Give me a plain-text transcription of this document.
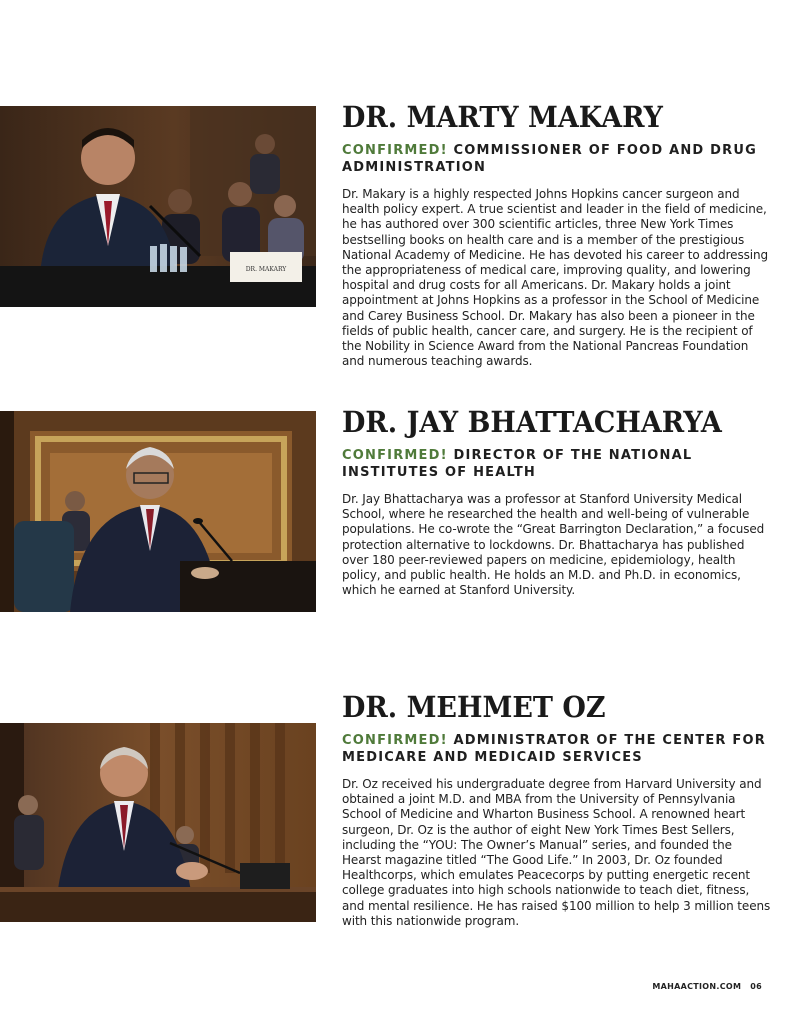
DR. MAKARY
DR. MARTY MAKARY

CONFIRMED! COMMISSIONER OF FOOD AND DRUG ADMINISTRATION

Dr. Makary is a highly respected Johns Hopkins cancer surgeon and health policy expert. A true scientist and leader in the field of medicine, he has authored over 300 scientific articles, three New York Times bestselling books on health care and is a member of the prestigious National Academy of Medicine. He has devoted his career to addressing the appropriateness of medical care, improving quality, and lowering hospital and drug costs for all Americans. Dr. Makary holds a joint appointment at Johns Hopkins as a professor in the School of Medicine and Carey Business School. Dr. Makary has also been a pioneer in the fields of public health, cancer care, and surgery. He is the recipient of the Nobility in Science Award from the National Pancreas Foundation and numerous teaching awards.

DR. JAY BHATTACHARYA

CONFIRMED! DIRECTOR OF THE NATIONAL INSTITUTES OF HEALTH

Dr. Jay Bhattacharya was a professor at Stanford University Medical School, where he researched the health and well-being of vulnerable populations. He co-wrote the “Great Barrington Declaration,” a focused protection alternative to lockdowns. Dr. Bhattacharya has published over 180 peer-reviewed papers on medicine, epidemiology, health policy, and public health. He holds an M.D. and Ph.D. in economics, which he earned at Stanford University.

DR. MEHMET OZ

CONFIRMED! ADMINISTRATOR OF THE CENTER FOR MEDICARE AND MEDICAID SERVICES

Dr. Oz received his undergraduate degree from Harvard University and obtained a joint M.D. and MBA from the University of Pennsylvania School of Medicine and Wharton Business School. A renowned heart surgeon, Dr. Oz is the author of eight New York Times Best Sellers, including the “YOU: The Owner’s Manual” series, and founded the Hearst magazine titled “The Good Life.” In 2003, Dr. Oz founded Healthcorps, which emulates Peacecorps by putting energetic recent college graduates into high schools nationwide to teach diet, fitness, and mental resilience. He has raised $100 million to help 3 million teens with this nationwide program.

MAHAACTION.COM 06
